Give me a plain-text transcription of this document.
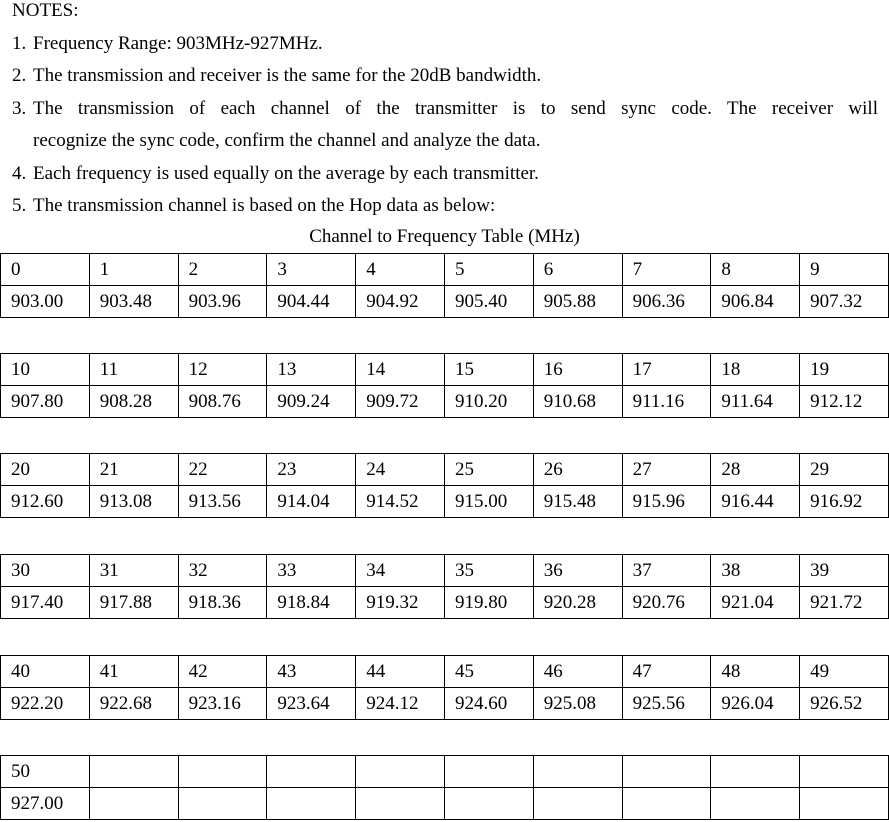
NOTES:
1. Frequency Range: 903MHz-927MHz.
2. The transmission and receiver is the same for the 20dB bandwidth.
3. The transmission of each channel of the transmitter is to send sync code. The receiver will
recognize the sync code, confirm the channel and analyze the data.
4. Each frequency is used equally on the average by each transmitter.
5. The transmission channel is based on the Hop data as below:
Channel to Frequency Table (MHz)
0	1	2	3	4	5	6	7	8	9
903.00	903.48	903.96	904.44	904.92	905.40	905.88	906.36	906.84	907.32
10	11	12	13	14	15	16	17	18	19
907.80	908.28	908.76	909.24	909.72	910.20	910.68	911.16	911.64	912.12
20	21	22	23	24	25	26	27	28	29
912.60	913.08	913.56	914.04	914.52	915.00	915.48	915.96	916.44	916.92
30	31	32	33	34	35	36	37	38	39
917.40	917.88	918.36	918.84	919.32	919.80	920.28	920.76	921.04	921.72
40	41	42	43	44	45	46	47	48	49
922.20	922.68	923.16	923.64	924.12	924.60	925.08	925.56	926.04	926.52
50									
927.00									
